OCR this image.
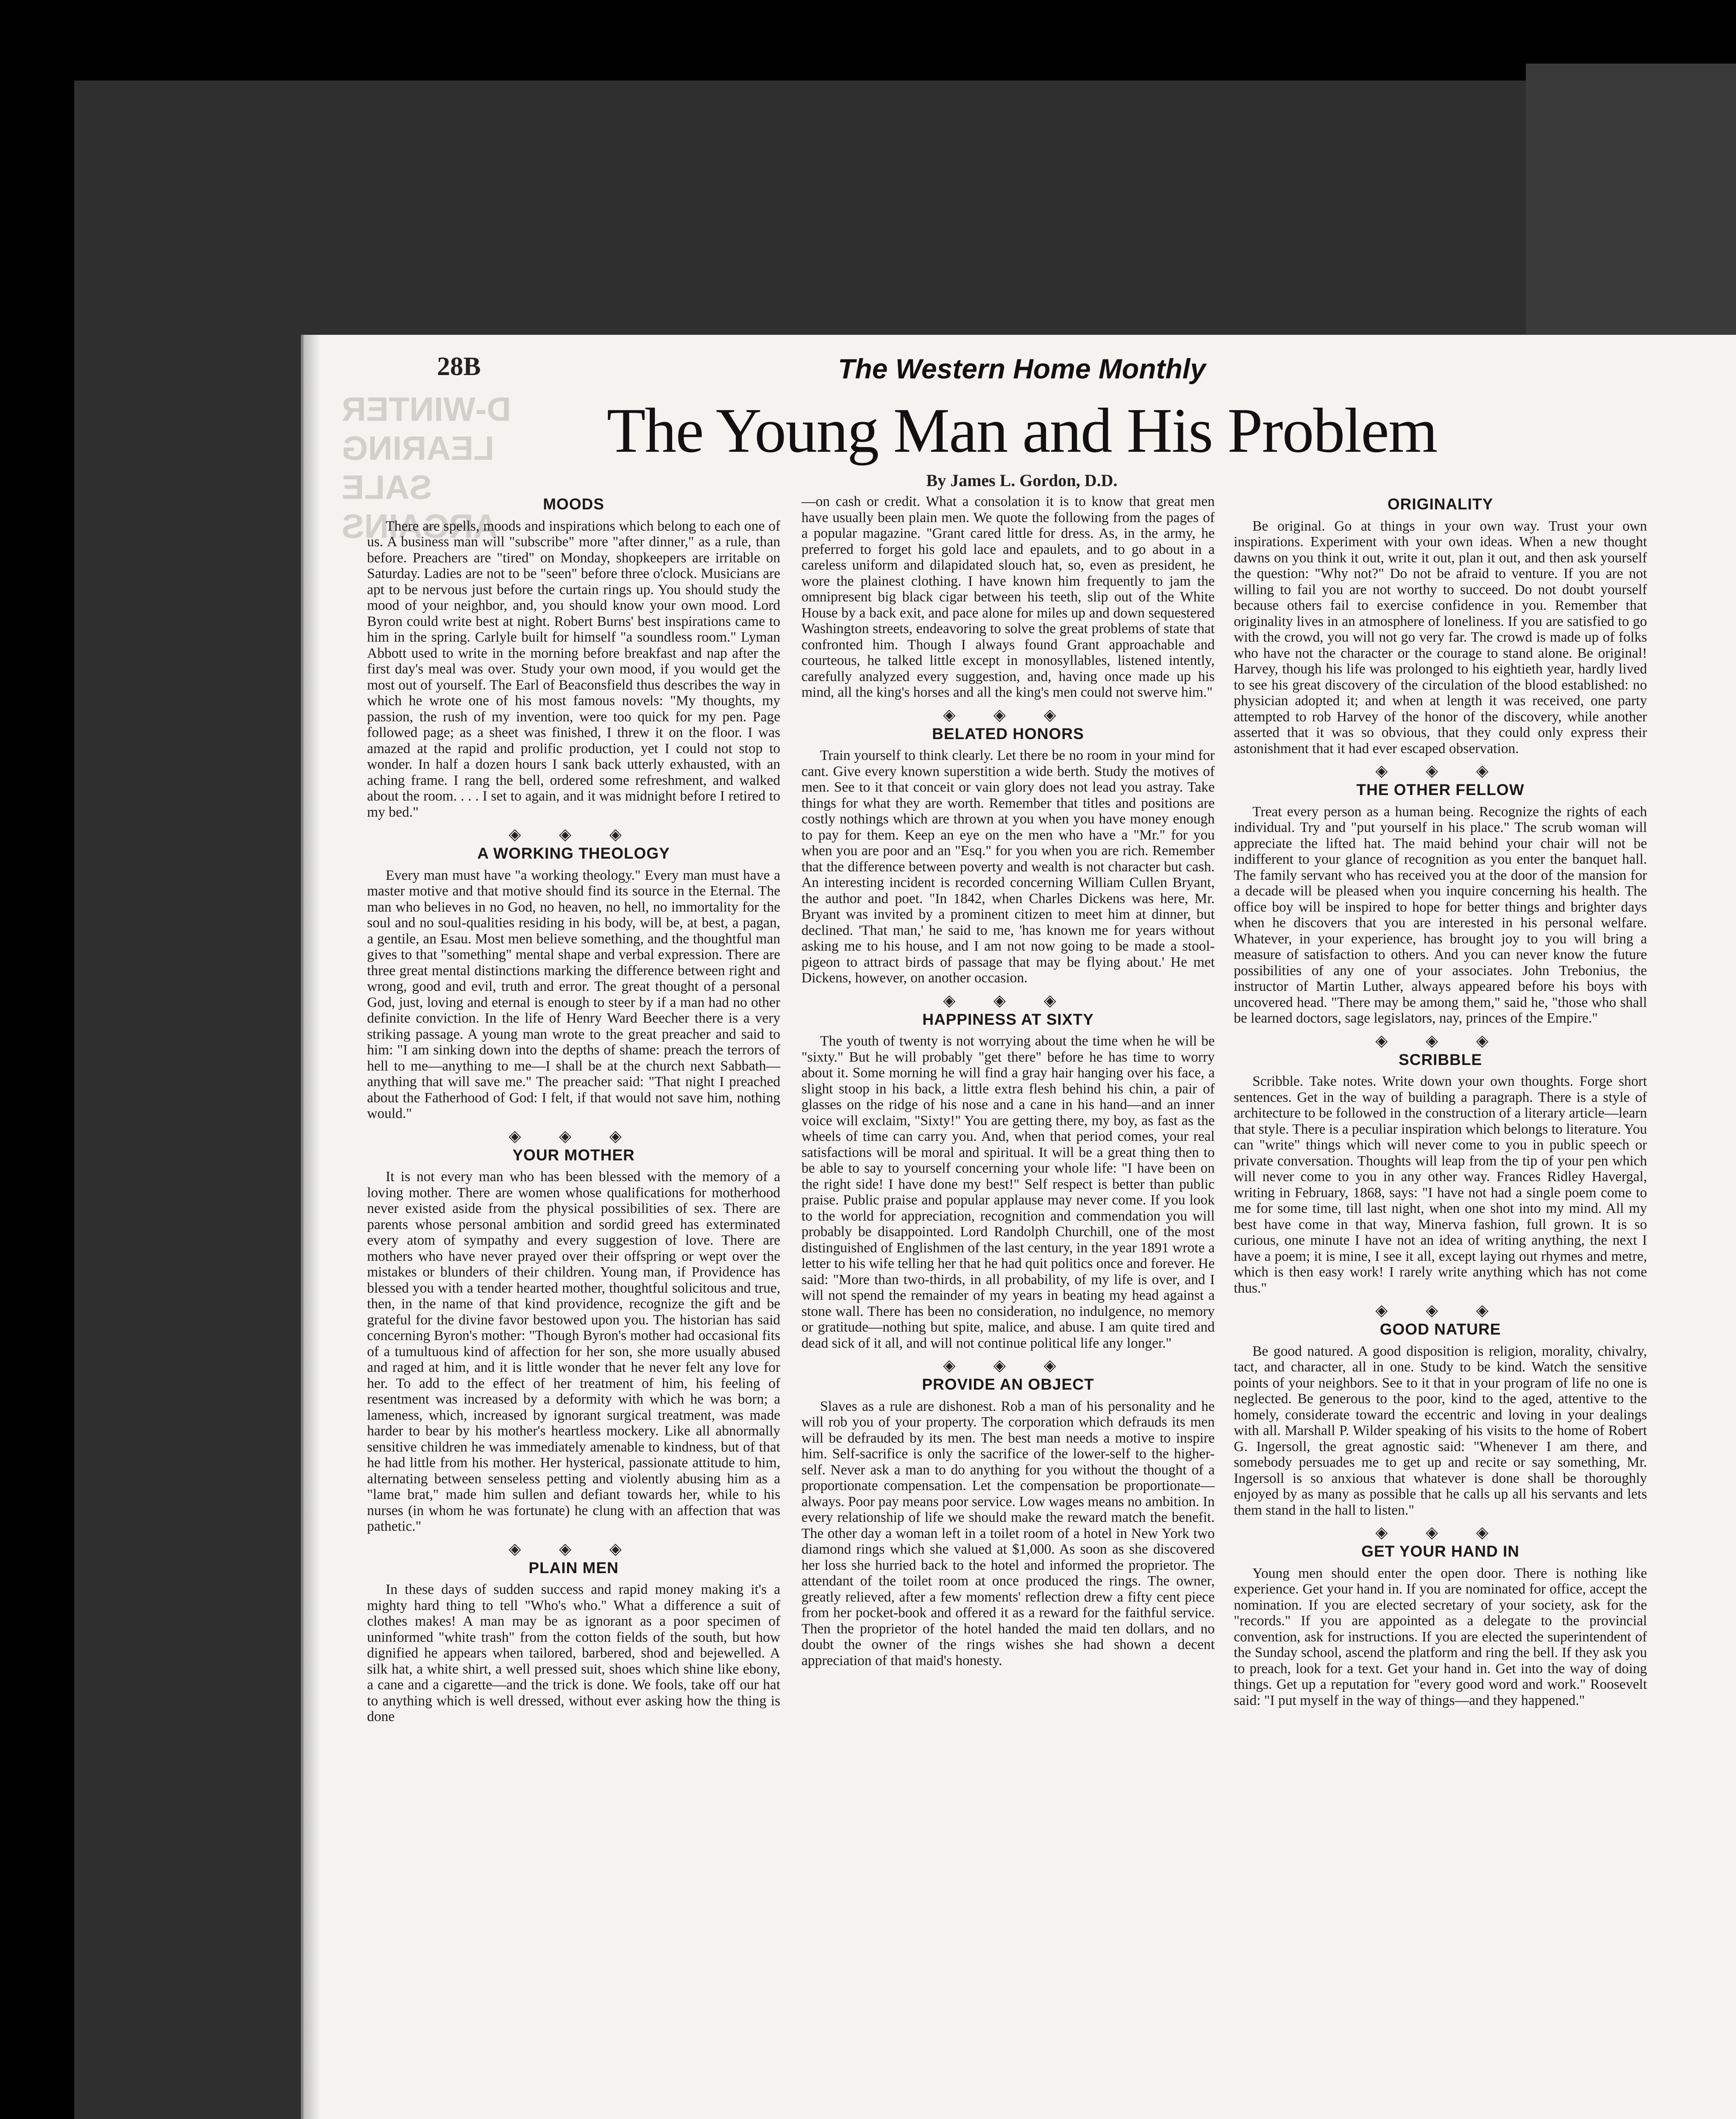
D-WINTER
LEARING SALE
ARGAINS
28B	The Western Home Monthly
The Young Man and His Problem
By James L. Gordon, D.D.
MOODS

There are spells, moods and inspirations which belong to each one of us. A business man will "subscribe" more "after dinner," as a rule, than before. Preachers are "tired" on Monday, shopkeepers are irritable on Saturday. Ladies are not to be "seen" before three o'clock. Musicians are apt to be nervous just before the curtain rings up. You should study the mood of your neighbor, and, you should know your own mood. Lord Byron could write best at night. Robert Burns' best inspirations came to him in the spring. Carlyle built for himself "a soundless room." Lyman Abbott used to write in the morning before breakfast and nap after the first day's meal was over. Study your own mood, if you would get the most out of yourself. The Earl of Beaconsfield thus describes the way in which he wrote one of his most famous novels: "My thoughts, my passion, the rush of my invention, were too quick for my pen. Page followed page; as a sheet was finished, I threw it on the floor. I was amazed at the rapid and prolific production, yet I could not stop to wonder. In half a dozen hours I sank back utterly exhausted, with an aching frame. I rang the bell, ordered some refreshment, and walked about the room. . . . I set to again, and it was midnight before I retired to my bed."

◈ ◈ ◈
A WORKING THEOLOGY

Every man must have "a working theology." Every man must have a master motive and that motive should find its source in the Eternal. The man who believes in no God, no heaven, no hell, no immortality for the soul and no soul-qualities residing in his body, will be, at best, a pagan, a gentile, an Esau. Most men believe something, and the thoughtful man gives to that "something" mental shape and verbal expression. There are three great mental distinctions marking the difference between right and wrong, good and evil, truth and error. The great thought of a personal God, just, loving and eternal is enough to steer by if a man had no other definite conviction. In the life of Henry Ward Beecher there is a very striking passage. A young man wrote to the great preacher and said to him: "I am sinking down into the depths of shame: preach the terrors of hell to me—anything to me—I shall be at the church next Sabbath—anything that will save me." The preacher said: "That night I preached about the Fatherhood of God: I felt, if that would not save him, nothing would."

◈ ◈ ◈
YOUR MOTHER

It is not every man who has been blessed with the memory of a loving mother. There are women whose qualifications for motherhood never existed aside from the physical possibilities of sex. There are parents whose personal ambition and sordid greed has exterminated every atom of sympathy and every suggestion of love. There are mothers who have never prayed over their offspring or wept over the mistakes or blunders of their children. Young man, if Providence has blessed you with a tender hearted mother, thoughtful solicitous and true, then, in the name of that kind providence, recognize the gift and be grateful for the divine favor bestowed upon you. The historian has said concerning Byron's mother: "Though Byron's mother had occasional fits of a tumultuous kind of affection for her son, she more usually abused and raged at him, and it is little wonder that he never felt any love for her. To add to the effect of her treatment of him, his feeling of resentment was increased by a deformity with which he was born; a lameness, which, increased by ignorant surgical treatment, was made harder to bear by his mother's heartless mockery. Like all abnormally sensitive children he was immediately amenable to kindness, but of that he had little from his mother. Her hysterical, passionate attitude to him, alternating between senseless petting and violently abusing him as a "lame brat," made him sullen and defiant towards her, while to his nurses (in whom he was fortunate) he clung with an affection that was pathetic."

◈ ◈ ◈
PLAIN MEN

In these days of sudden success and rapid money making it's a mighty hard thing to tell "Who's who." What a difference a suit of clothes makes! A man may be as ignorant as a poor specimen of uninformed "white trash" from the cotton fields of the south, but how dignified he appears when tailored, barbered, shod and bejewelled. A silk hat, a white shirt, a well pressed suit, shoes which shine like ebony, a cane and a cigarette—and the trick is done. We fools, take off our hat to anything which is well dressed, without ever asking how the thing is done

—on cash or credit. What a consolation it is to know that great men have usually been plain men. We quote the following from the pages of a popular magazine. "Grant cared little for dress. As, in the army, he preferred to forget his gold lace and epaulets, and to go about in a careless uniform and dilapidated slouch hat, so, even as president, he wore the plainest clothing. I have known him frequently to jam the omnipresent big black cigar between his teeth, slip out of the White House by a back exit, and pace alone for miles up and down sequestered Washington streets, endeavoring to solve the great problems of state that confronted him. Though I always found Grant approachable and courteous, he talked little except in monosyllables, listened intently, carefully analyzed every suggestion, and, having once made up his mind, all the king's horses and all the king's men could not swerve him."

◈ ◈ ◈
BELATED HONORS

Train yourself to think clearly. Let there be no room in your mind for cant. Give every known superstition a wide berth. Study the motives of men. See to it that conceit or vain glory does not lead you astray. Take things for what they are worth. Remember that titles and positions are costly nothings which are thrown at you when you have money enough to pay for them. Keep an eye on the men who have a "Mr." for you when you are poor and an "Esq." for you when you are rich. Remember that the difference between poverty and wealth is not character but cash. An interesting incident is recorded concerning William Cullen Bryant, the author and poet. "In 1842, when Charles Dickens was here, Mr. Bryant was invited by a prominent citizen to meet him at dinner, but declined. 'That man,' he said to me, 'has known me for years without asking me to his house, and I am not now going to be made a stool-pigeon to attract birds of passage that may be flying about.' He met Dickens, however, on another occasion.

◈ ◈ ◈
HAPPINESS AT SIXTY

The youth of twenty is not worrying about the time when he will be "sixty." But he will probably "get there" before he has time to worry about it. Some morning he will find a gray hair hanging over his face, a slight stoop in his back, a little extra flesh behind his chin, a pair of glasses on the ridge of his nose and a cane in his hand—and an inner voice will exclaim, "Sixty!" You are getting there, my boy, as fast as the wheels of time can carry you. And, when that period comes, your real satisfactions will be moral and spiritual. It will be a great thing then to be able to say to yourself concerning your whole life: "I have been on the right side! I have done my best!" Self respect is better than public praise. Public praise and popular applause may never come. If you look to the world for appreciation, recognition and commendation you will probably be disappointed. Lord Randolph Churchill, one of the most distinguished of Englishmen of the last century, in the year 1891 wrote a letter to his wife telling her that he had quit politics once and forever. He said: "More than two-thirds, in all probability, of my life is over, and I will not spend the remainder of my years in beating my head against a stone wall. There has been no consideration, no indulgence, no memory or gratitude—nothing but spite, malice, and abuse. I am quite tired and dead sick of it all, and will not continue political life any longer."

◈ ◈ ◈
PROVIDE AN OBJECT

Slaves as a rule are dishonest. Rob a man of his personality and he will rob you of your property. The corporation which defrauds its men will be defrauded by its men. The best man needs a motive to inspire him. Self-sacrifice is only the sacrifice of the lower-self to the higher-self. Never ask a man to do anything for you without the thought of a proportionate compensation. Let the compensation be proportionate—always. Poor pay means poor service. Low wages means no ambition. In every relationship of life we should make the reward match the benefit. The other day a woman left in a toilet room of a hotel in New York two diamond rings which she valued at $1,000. As soon as she discovered her loss she hurried back to the hotel and informed the proprietor. The attendant of the toilet room at once produced the rings. The owner, greatly relieved, after a few moments' reflection drew a fifty cent piece from her pocket-book and offered it as a reward for the faithful service. Then the proprietor of the hotel handed the maid ten dollars, and no doubt the owner of the rings wishes she had shown a decent appreciation of that maid's honesty.

ORIGINALITY

Be original. Go at things in your own way. Trust your own inspirations. Experiment with your own ideas. When a new thought dawns on you think it out, write it out, plan it out, and then ask yourself the question: "Why not?" Do not be afraid to venture. If you are not willing to fail you are not worthy to succeed. Do not doubt yourself because others fail to exercise confidence in you. Remember that originality lives in an atmosphere of loneliness. If you are satisfied to go with the crowd, you will not go very far. The crowd is made up of folks who have not the character or the courage to stand alone. Be original! Harvey, though his life was prolonged to his eightieth year, hardly lived to see his great discovery of the circulation of the blood established: no physician adopted it; and when at length it was received, one party attempted to rob Harvey of the honor of the discovery, while another asserted that it was so obvious, that they could only express their astonishment that it had ever escaped observation.

◈ ◈ ◈
THE OTHER FELLOW

Treat every person as a human being. Recognize the rights of each individual. Try and "put yourself in his place." The scrub woman will appreciate the lifted hat. The maid behind your chair will not be indifferent to your glance of recognition as you enter the banquet hall. The family servant who has received you at the door of the mansion for a decade will be pleased when you inquire concerning his health. The office boy will be inspired to hope for better things and brighter days when he discovers that you are interested in his personal welfare. Whatever, in your experience, has brought joy to you will bring a measure of satisfaction to others. And you can never know the future possibilities of any one of your associates. John Trebonius, the instructor of Martin Luther, always appeared before his boys with uncovered head. "There may be among them," said he, "those who shall be learned doctors, sage legislators, nay, princes of the Empire."

◈ ◈ ◈
SCRIBBLE

Scribble. Take notes. Write down your own thoughts. Forge short sentences. Get in the way of building a paragraph. There is a style of architecture to be followed in the construction of a literary article—learn that style. There is a peculiar inspiration which belongs to literature. You can "write" things which will never come to you in public speech or private conversation. Thoughts will leap from the tip of your pen which will never come to you in any other way. Frances Ridley Havergal, writing in February, 1868, says: "I have not had a single poem come to me for some time, till last night, when one shot into my mind. All my best have come in that way, Minerva fashion, full grown. It is so curious, one minute I have not an idea of writing anything, the next I have a poem; it is mine, I see it all, except laying out rhymes and metre, which is then easy work! I rarely write anything which has not come thus."

◈ ◈ ◈
GOOD NATURE

Be good natured. A good disposition is religion, morality, chivalry, tact, and character, all in one. Study to be kind. Watch the sensitive points of your neighbors. See to it that in your program of life no one is neglected. Be generous to the poor, kind to the aged, attentive to the homely, considerate toward the eccentric and loving in your dealings with all. Marshall P. Wilder speaking of his visits to the home of Robert G. Ingersoll, the great agnostic said: "Whenever I am there, and somebody persuades me to get up and recite or say something, Mr. Ingersoll is so anxious that whatever is done shall be thoroughly enjoyed by as many as possible that he calls up all his servants and lets them stand in the hall to listen."

◈ ◈ ◈
GET YOUR HAND IN

Young men should enter the open door. There is nothing like experience. Get your hand in. If you are nominated for office, accept the nomination. If you are elected secretary of your society, ask for the "records." If you are appointed as a delegate to the provincial convention, ask for instructions. If you are elected the superintendent of the Sunday school, ascend the platform and ring the bell. If they ask you to preach, look for a text. Get your hand in. Get into the way of doing things. Get up a reputation for "every good word and work." Roosevelt said: "I put myself in the way of things—and they happened."
